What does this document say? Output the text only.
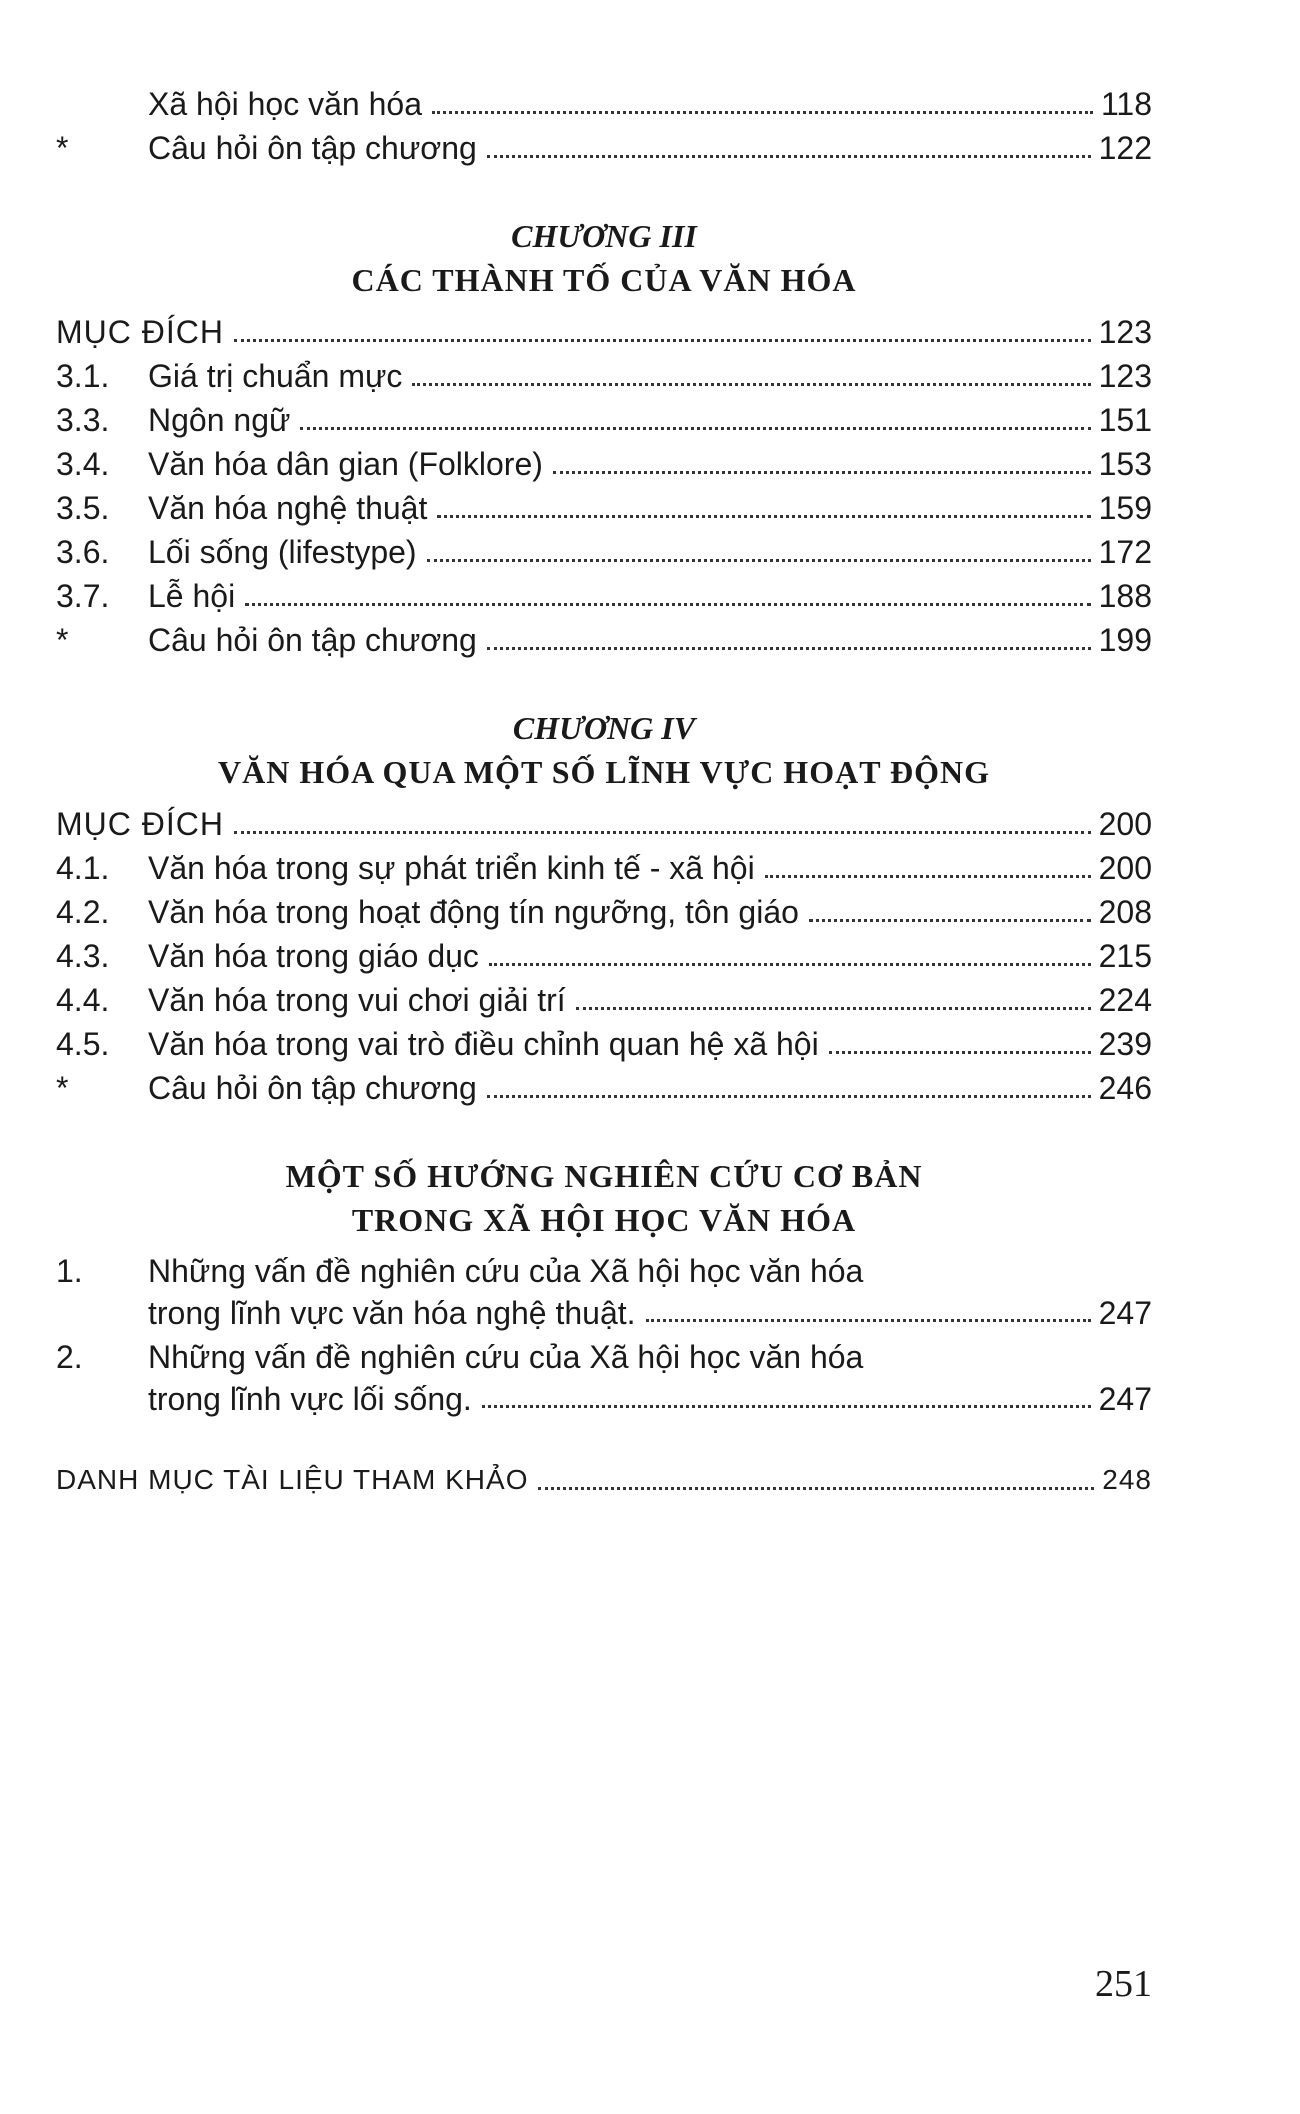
Xã hội học văn hóa	118
* Câu hỏi ôn tập chương	122
CHƯƠNG III
CÁC THÀNH TỐ CỦA VĂN HÓA
MỤC ĐÍCH	123
3.1. Giá trị chuẩn mực	123
3.3. Ngôn ngữ	151
3.4. Văn hóa dân gian (Folklore)	153
3.5. Văn hóa nghệ thuật	159
3.6. Lối sống (lifestype)	172
3.7. Lễ hội	188
* Câu hỏi ôn tập chương	199
CHƯƠNG IV
VĂN HÓA QUA MỘT SỐ LĨNH VỰC HOẠT ĐỘNG
MỤC ĐÍCH	200
4.1. Văn hóa trong sự phát triển kinh tế - xã hội	200
4.2. Văn hóa trong hoạt động tín ngưỡng, tôn giáo	208
4.3. Văn hóa trong giáo dục	215
4.4. Văn hóa trong vui chơi giải trí	224
4.5. Văn hóa trong vai trò điều chỉnh quan hệ xã hội	239
* Câu hỏi ôn tập chương	246
MỘT SỐ HƯỚNG NGHIÊN CỨU CƠ BẢN
TRONG XÃ HỘI HỌC VĂN HÓA
1. Những vấn đề nghiên cứu của Xã hội học văn hóa
trong lĩnh vực văn hóa nghệ thuật.	247
2. Những vấn đề nghiên cứu của Xã hội học văn hóa
trong lĩnh vực lối sống.	247
DANH MỤC TÀI LIỆU THAM KHẢO	248
251
